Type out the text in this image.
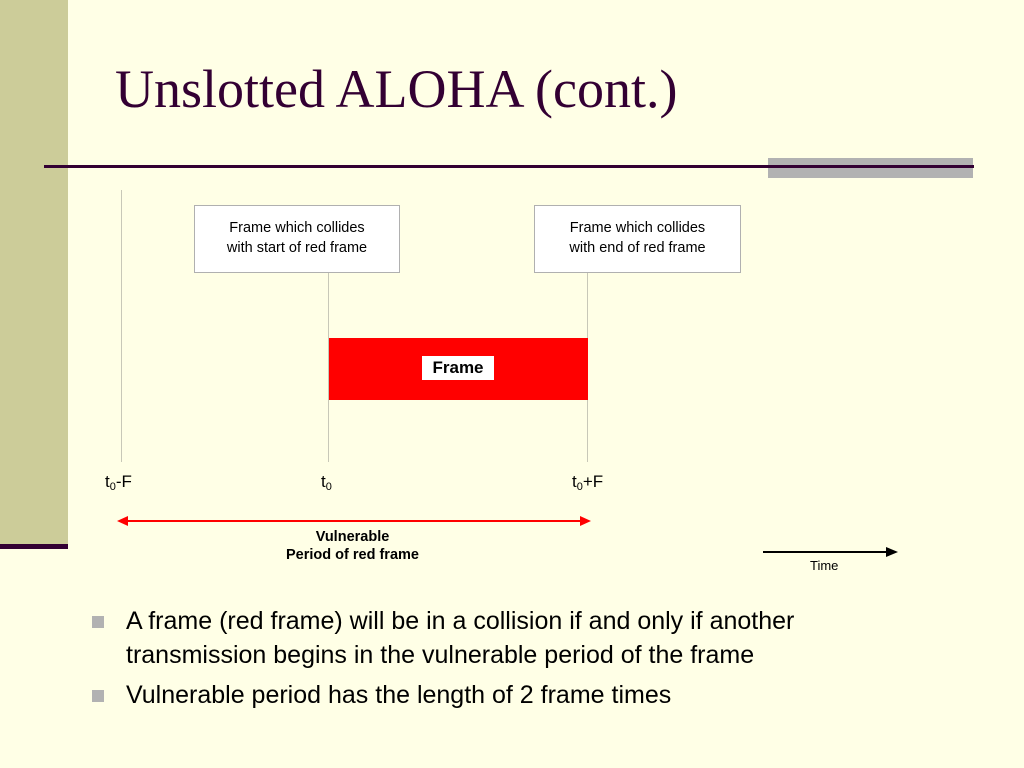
Unslotted ALOHA (cont.)
Frame which collides
with start of red frame
Frame which collides
with end of red frame
Frame
$t_0-F$	$t_0$	$t_0+F$
Vulnerable
Period of red frame
Time
A frame (red frame) will be in a collision if and only if another transmission begins in the vulnerable period of the frame
Vulnerable period has the length of 2 frame times
